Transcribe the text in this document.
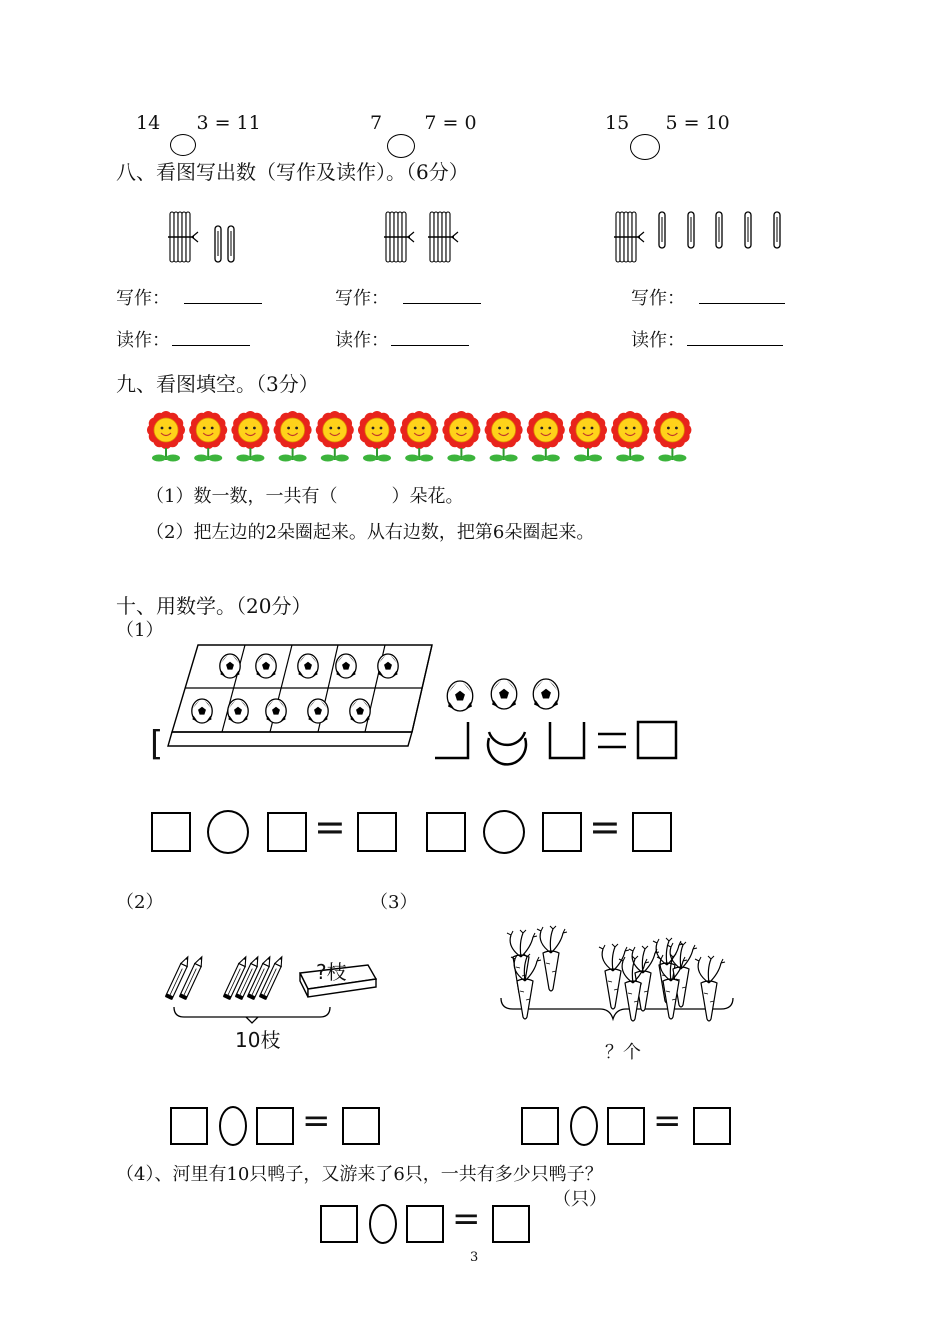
14 3 = 11	7 7 = 0	15 5 = 10
八、看图写出数（写作及读作）。（6分）
写作：	写作：	写作：
读作：	读作：	读作：
九、看图填空。（3分）
（1）数一数，一共有（　　　）朵花。
（2）把左边的2朵圈起来。从右边数，把第6朵圈起来。
十、用数学。（20分）
（1）
[
=	=
（2）	（3）
?枝
10枝
？个
=	=
（4）、河里有10只鸭子，又游来了6只，一共有多少只鸭子？
（只）
=
3
